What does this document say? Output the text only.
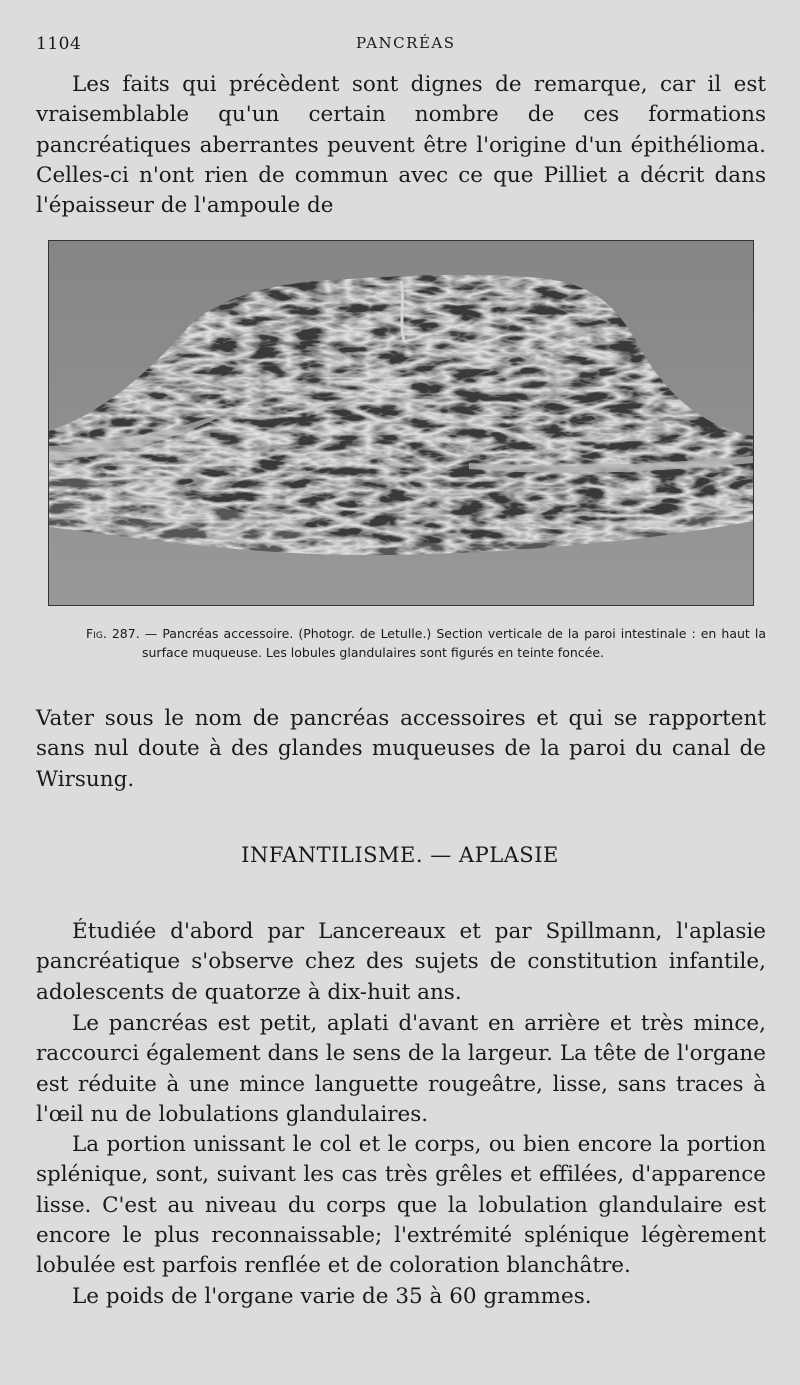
1104	PANCRÉAS

Les faits qui précèdent sont dignes de remarque, car il est vraisemblable qu'un certain nombre de ces formations pancréatiques aberrantes peuvent être l'origine d'un épithélioma. Celles-ci n'ont rien de commun avec ce que Pilliet a décrit dans l'épaisseur de l'ampoule de

Fig. 287. — Pancréas accessoire. (Photogr. de Letulle.) Section verticale de la paroi intestinale : en haut la surface muqueuse. Les lobules glandulaires sont figurés en teinte foncée.

Vater sous le nom de pancréas accessoires et qui se rapportent sans nul doute à des glandes muqueuses de la paroi du canal de Wirsung.

INFANTILISME. — APLASIE

Étudiée d'abord par Lancereaux et par Spillmann, l'aplasie pancréatique s'observe chez des sujets de constitution infantile, adolescents de quatorze à dix-huit ans.

Le pancréas est petit, aplati d'avant en arrière et très mince, raccourci également dans le sens de la largeur. La tête de l'organe est réduite à une mince languette rougeâtre, lisse, sans traces à l'œil nu de lobulations glandulaires.

La portion unissant le col et le corps, ou bien encore la portion splénique, sont, suivant les cas très grêles et effilées, d'apparence lisse. C'est au niveau du corps que la lobulation glandulaire est encore le plus reconnaissable; l'extrémité splénique légèrement lobulée est parfois renflée et de coloration blanchâtre.

Le poids de l'organe varie de 35 à 60 grammes.
